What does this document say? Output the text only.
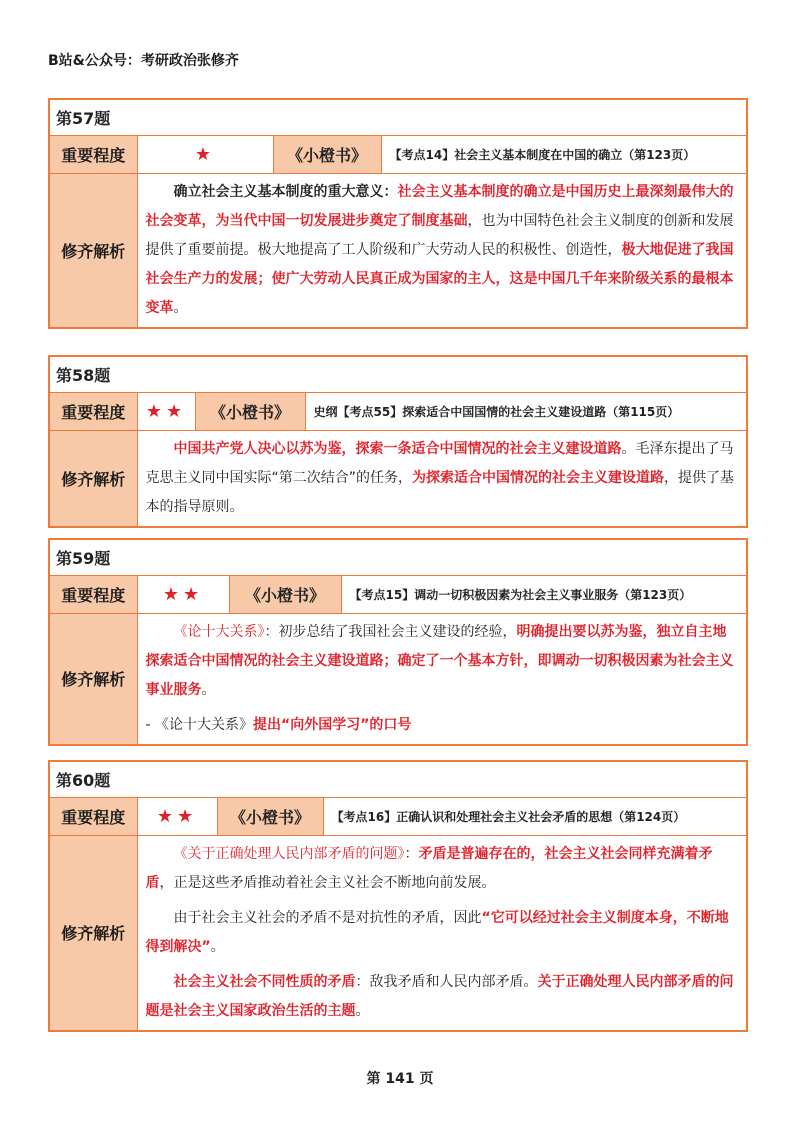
B站&公众号：考研政治张修齐
第57题			
重要程度	★	《小橙书》	【考点14】社会主义基本制度在中国的确立（第123页）
修齐解析	确立社会主义基本制度的重大意义：社会主义基本制度的确立是中国历史上最深刻最伟大的社会变革，为当代中国一切发展进步奠定了制度基础，也为中国特色社会主义制度的创新和发展提供了重要前提。极大地提高了工人阶级和广大劳动人民的积极性、创造性，极大地促进了我国社会生产力的发展；使广大劳动人民真正成为国家的主人，这是中国几千年来阶级关系的最根本变革。		

第58题			
重要程度	★★	《小橙书》	史纲【考点55】探索适合中国国情的社会主义建设道路（第115页）
修齐解析	中国共产党人决心以苏为鉴，探索一条适合中国情况的社会主义建设道路。毛泽东提出了马克思主义同中国实际“第二次结合”的任务，为探索适合中国情况的社会主义建设道路，提供了基本的指导原则。		

第59题			
重要程度	★★	《小橙书》	【考点15】调动一切积极因素为社会主义事业服务（第123页）
修齐解析	《论十大关系》：初步总结了我国社会主义建设的经验，明确提出要以苏为鉴，独立自主地探索适合中国情况的社会主义建设道路；确定了一个基本方针，即调动一切积极因素为社会主义事业服务。

- 《论十大关系》提出“向外国学习”的口号		

第60题			
重要程度	★★	《小橙书》	【考点16】正确认识和处理社会主义社会矛盾的思想（第124页）
修齐解析	《关于正确处理人民内部矛盾的问题》：矛盾是普遍存在的，社会主义社会同样充满着矛盾，正是这些矛盾推动着社会主义社会不断地向前发展。

由于社会主义社会的矛盾不是对抗性的矛盾，因此“它可以经过社会主义制度本身，不断地得到解决”。

社会主义社会不同性质的矛盾：敌我矛盾和人民内部矛盾。关于正确处理人民内部矛盾的问题是社会主义国家政治生活的主题。		

第 141 页
